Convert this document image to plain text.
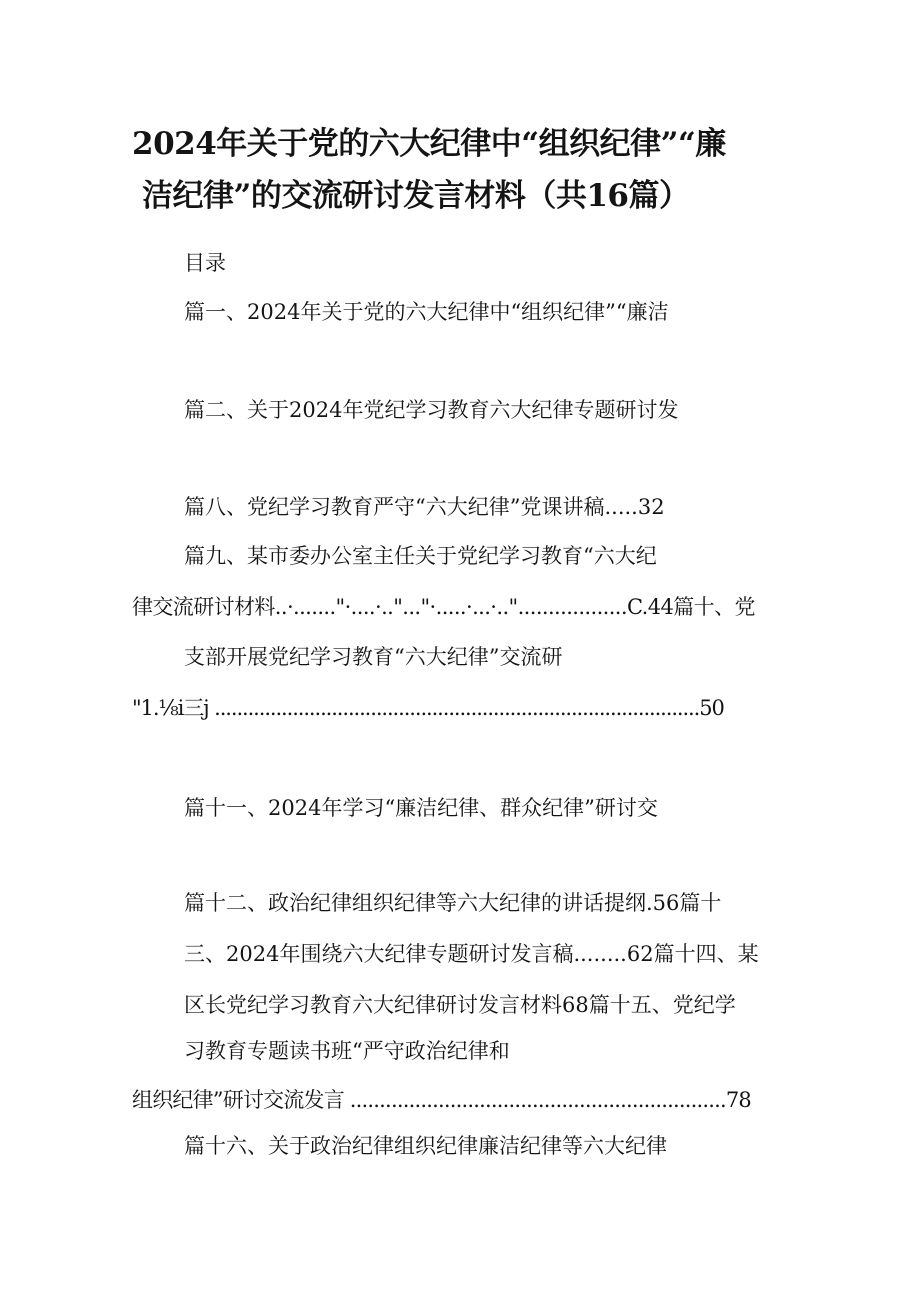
2024年关于党的六大纪律中“组织纪律”“廉
洁纪律”的交流研讨发言材料（共16篇）

目录

篇一、2024年关于党的六大纪律中“组织纪律”“廉洁

篇二、关于2024年党纪学习教育六大纪律专题研讨发

篇八、党纪学习教育严守“六大纪律”党课讲稿.....32

篇九、某市委办公室主任关于党纪学习教育“六大纪

律交流研讨材料..·......."·....·.."..."·.....·...·.."..................C.44篇十、党

支部开展党纪学习教育“六大纪律”交流研

"1.⅛i三j .......................................................................................50

篇十一、2024年学习“廉洁纪律、群众纪律”研讨交

篇十二、政治纪律组织纪律等六大纪律的讲话提纲.56篇十

三、2024年围绕六大纪律专题研讨发言稿........62篇十四、某

区长党纪学习教育六大纪律研讨发言材料68篇十五、党纪学

习教育专题读书班“严守政治纪律和

组织纪律”研讨交流发言 ................................................................78

篇十六、关于政治纪律组织纪律廉洁纪律等六大纪律
